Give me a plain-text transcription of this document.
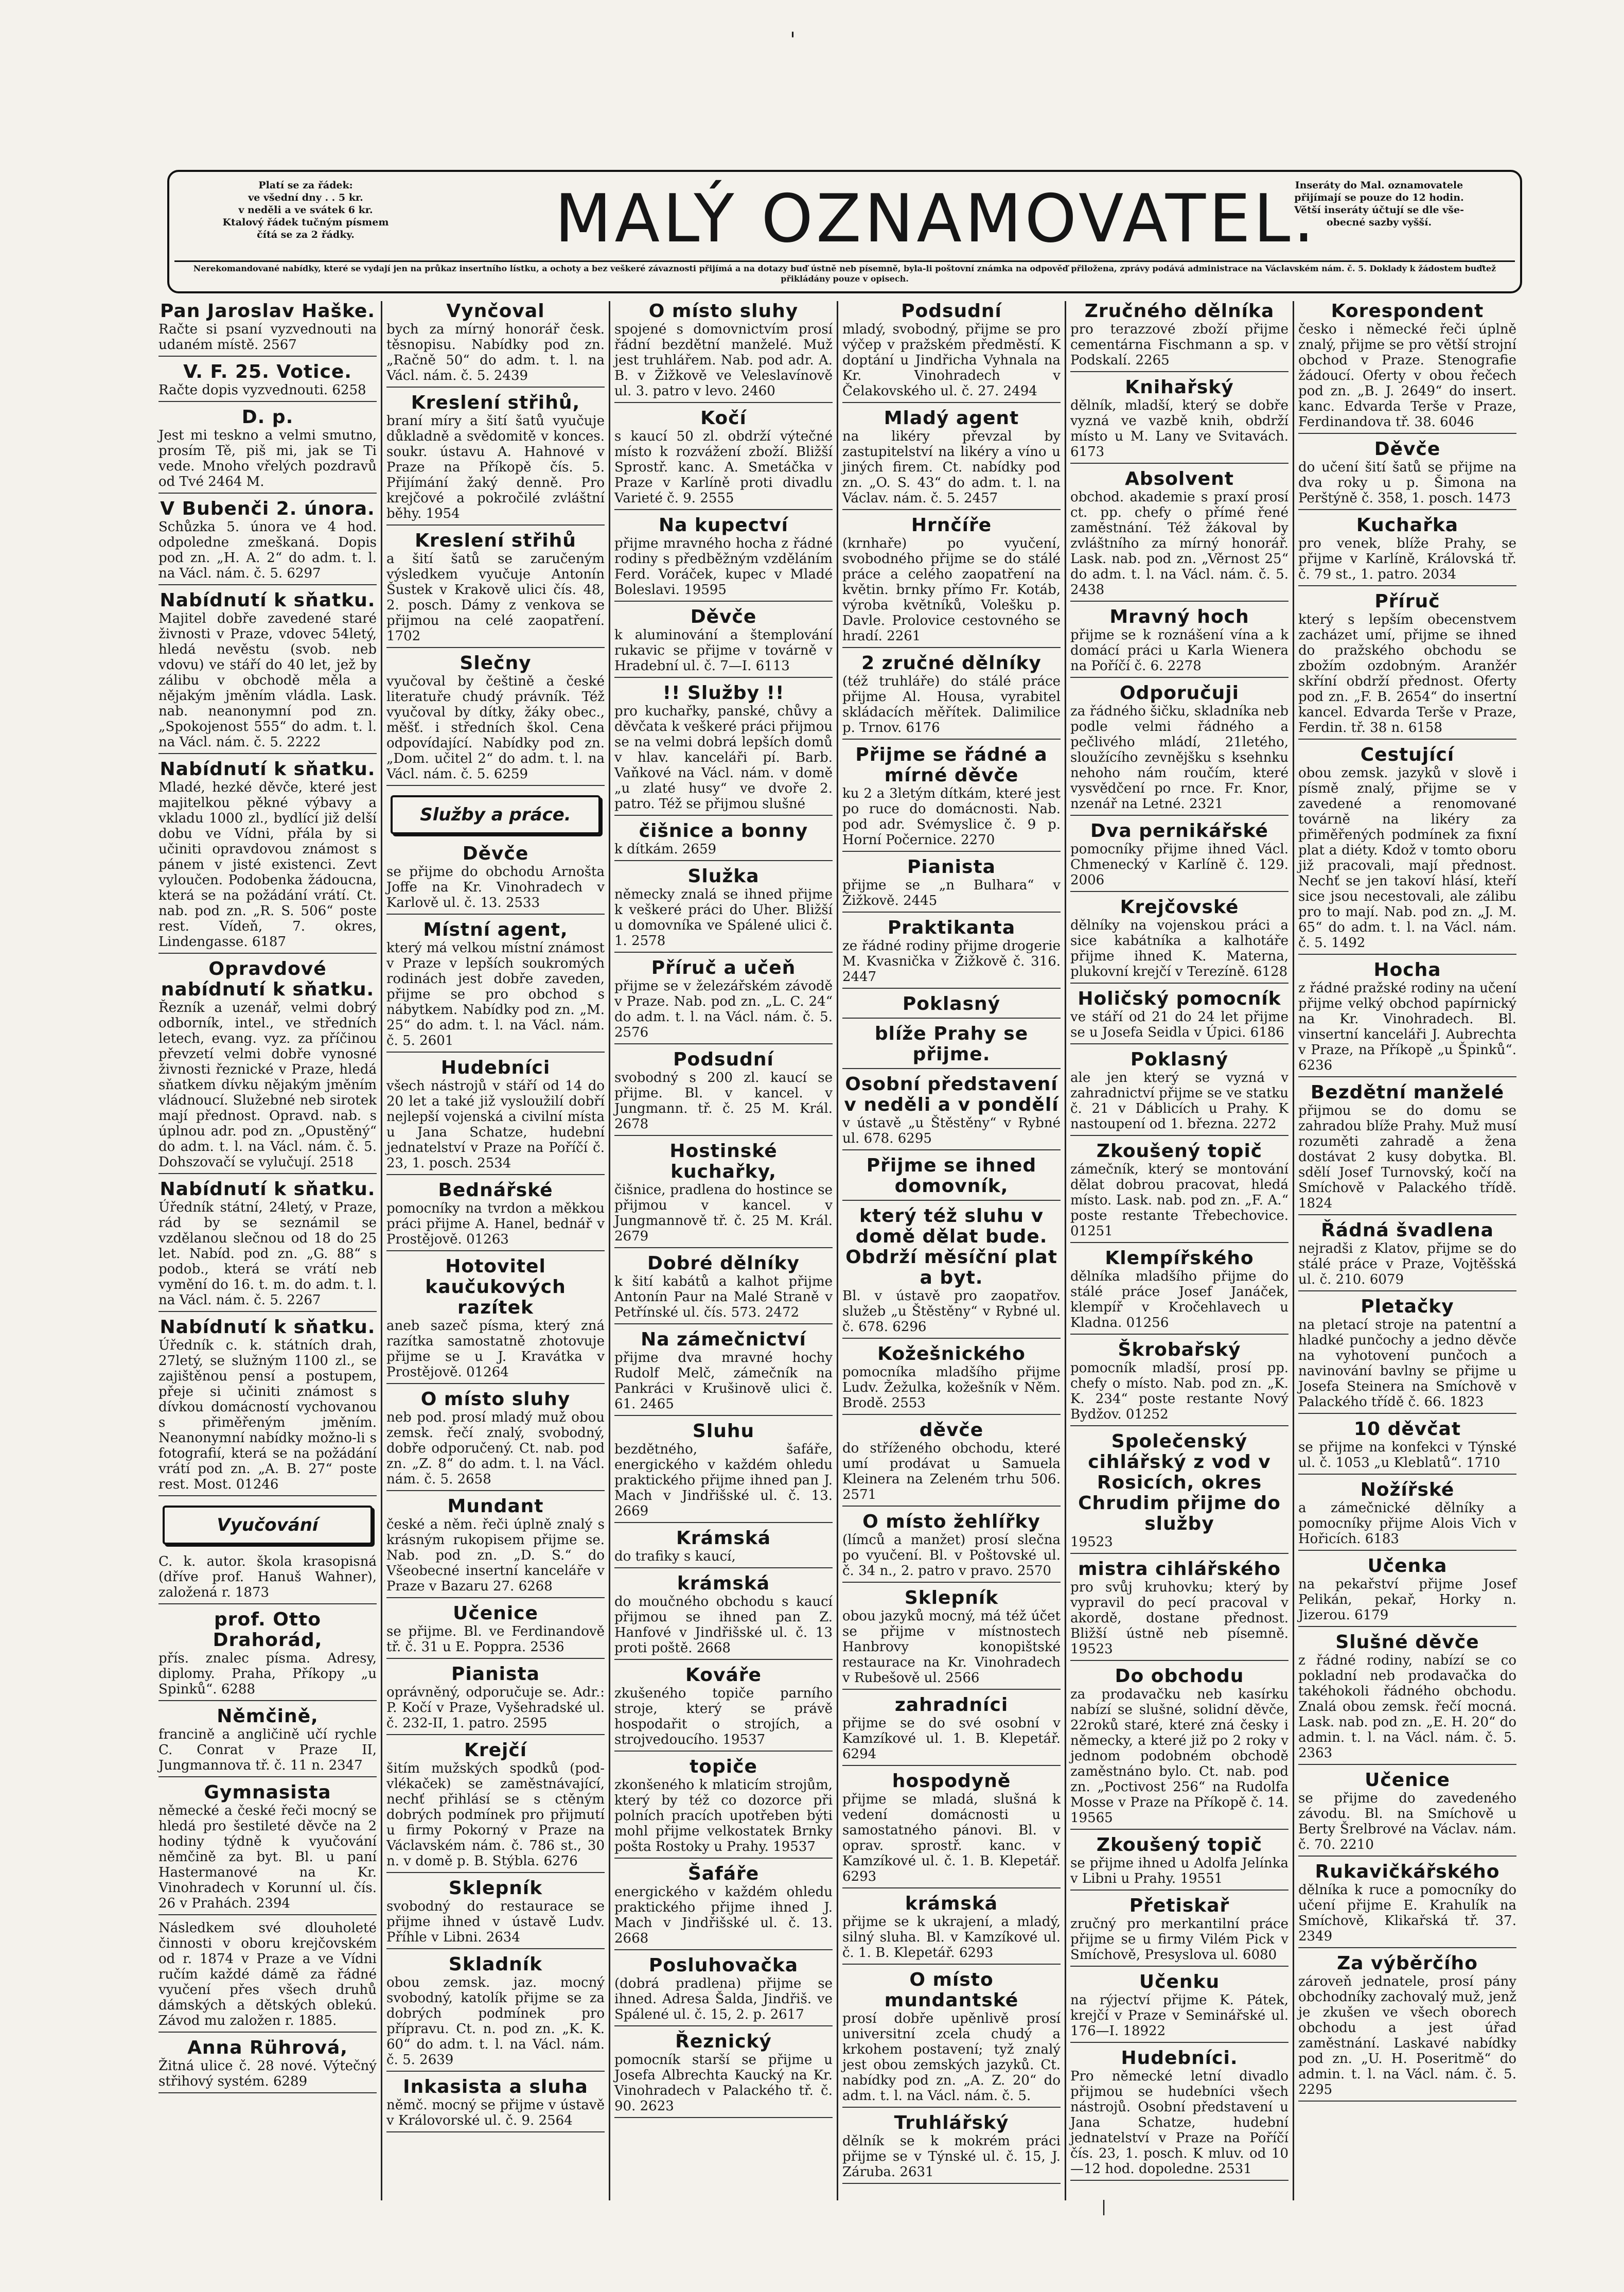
'
Platí se za řádek:
ve všední dny . . 5 kr.
v neděli a ve svátek 6 kr.
Ktalový řádek tučným písmem
čítá se za 2 řádky.	MALÝ OZNAMOVATEL.
Inseráty do Mal. oznamovatele
přijímají se pouze do 12 hodin.
Větší inseráty účtují se dle vše-
obecné sazby vyšší.
Nerekomandované nabídky, které se vydají jen na průkaz insertního lístku, a ochoty a bez veškeré závaznosti přijímá a na dotazy buď ústně neb písemně, byla-li poštovní známka na odpověď přiložena, zprávy podává administrace na Václavském nám. č. 5. Doklady k žádostem buďtež přikládány pouze v opisech.
Pan Jaroslav Haške.
Račte si psaní vyzvednouti na udaném místě. 2567
V. F. 25. Votice.
Račte dopis vyzvednouti. 6258
D. p.
Jest mi teskno a velmi smutno, prosím Tě, piš mi, jak se Ti vede. Mnoho vřelých pozdravů od Tvé 2464 M.
V Bubenči 2. února.
Schůzka 5. února ve 4 hod. odpoledne zmeškaná. Dopis pod zn. „H. A. 2“ do adm. t. l. na Václ. nám. č. 5. 6297
Nabídnutí k sňatku.
Majitel dobře zavedené staré živnosti v Praze, vdovec 54letý, hledá nevěstu (svob. neb vdovu) ve stáří do 40 let, jež by zálibu v obchodě měla a nějakým jměním vládla. Lask. nab. neanonymní pod zn. „Spokojenost 555“ do adm. t. l. na Václ. nám. č. 5. 2222
Nabídnutí k sňatku.
Mladé, hezké děvče, které jest majitelkou pěkné výbavy a vkladu 1000 zl., bydlící již delší dobu ve Vídni, přála by si učiniti opravdovou známost s pánem v jisté existenci. Zevt vyloučen. Podobenka žádoucna, která se na požádání vrátí. Ct. nab. pod zn. „R. S. 506“ poste rest. Vídeň, 7. okres, Lindengasse. 6187
Opravdové nabídnutí k sňatku.
Řezník a uzenář, velmi dobrý odborník, intel., ve středních letech, evang. vyz. za příčinou převzetí velmi dobře vynosné živnosti řeznické v Praze, hledá sňatkem dívku nějakým jměním vládnoucí. Služebné neb sirotek mají přednost. Opravd. nab. s úplnou adr. pod zn. „Opustěný“ do adm. t. l. na Václ. nám. č. 5. Dohszovačí se vylučují. 2518
Nabídnutí k sňatku.
Úředník státní, 24letý, v Praze, rád by se seznámil se vzdělanou slečnou od 18 do 25 let. Nabíd. pod zn. „G. 88“ s podob., která se vrátí neb vymění do 16. t. m. do adm. t. l. na Václ. nám. č. 5. 2267
Nabídnutí k sňatku.
Úředník c. k. státních drah, 27letý, se služným 1100 zl., se zajištěnou pensí a postupem, přeje si učiniti známost s dívkou domácností vychovanou s přiměřeným jměním. Neanonymní nabídky možno-li s fotografií, která se na požádání vrátí pod zn. „A. B. 27“ poste rest. Most. 01246
Vyučování
C. k. autor. škola krasopisná (dříve prof. Hanuš Wahner), založená r. 1873
prof. Otto Drahorád,
přís. znalec písma. Adresy, diplomy. Praha, Příkopy „u Spinků“. 6288
Němčině,
francině a angličině učí rychle C. Conrat v Praze II, Jungmannova tř. č. 11 n. 2347
Gymnasista
německé a české řeči mocný se hledá pro šestileté děvče na 2 hodiny týdně k vyučování němčině za byt. Bl. u paní Hastermanové na Kr. Vinohradech v Korunní ul. čís. 26 v Prahách. 2394
Následkem své dlouholeté činnosti v oboru krejčovském od r. 1874 v Praze a ve Vídni ručím každé dámě za řádné vyučení přes všech druhů dámských a dětských oblekú. Závod mu založen r. 1885.
Anna Rührová,
Žitná ulice č. 28 nové. Výtečný střihový systém. 6289
Vynčoval
bych za mírný honorář česk. těsnopisu. Nabídky pod zn. „Račně 50“ do adm. t. l. na Václ. nám. č. 5. 2439
Kreslení střihů,
braní míry a šití šatů vyučuje důkladně a svědomitě v konces. soukr. ústavu A. Hahnové v Praze na Příkopě čís. 5. Přijímání žaký denně. Pro krejčové a pokročilé zvláštní běhy. 1954
Kreslení střihů
a šití šatů se zaručeným výsledkem vyučuje Antonín Šustek v Krakově ulici čís. 48, 2. posch. Dámy z venkova se přijmou na celé zaopatření. 1702
Slečny
vyučoval by češtině a české literatuře chudý právník. Též vyučoval by dítky, žáky obec., měšť. i středních škol. Cena odpovídající. Nabídky pod zn. „Dom. učitel 2“ do adm. t. l. na Václ. nám. č. 5. 6259
Služby a práce.
Děvče
se přijme do obchodu Arnošta Joffe na Kr. Vinohradech v Karlově ul. č. 13. 2533
Místní agent,
který má velkou místní známost v Praze v lepších soukromých rodinách jest dobře zaveden, přijme se pro obchod s nábytkem. Nabídky pod zn. „M. 25“ do adm. t. l. na Václ. nám. č. 5. 2601
Hudebníci
všech nástrojů v stáří od 14 do 20 let a také již vysloužilí dobří nejlepší vojenská a civilní místa u Jana Schatze, hudební jednatelství v Praze na Poříčí č. 23, 1. posch. 2534
Bednářské
pomocníky na tvrdon a měkkou práci přijme A. Hanel, bednář v Prostějově. 01263
Hotovitel kaučukových razítek
aneb sazeč písma, který zná razítka samostatně zhotovuje přijme se u J. Kravátka v Prostějově. 01264
O místo sluhy
neb pod. prosí mladý muž obou zemsk. řečí znalý, svobodný, dobře odporučený. Ct. nab. pod zn. „Z. 8“ do adm. t. l. na Václ. nám. č. 5. 2658
Mundant
české a něm. řeči úplně znalý s krásným rukopisem přijme se. Nab. pod zn. „D. S.“ do Všeobecné insertní kanceláře v Praze v Bazaru 27. 6268
Učenice
se přijme. Bl. ve Ferdinandově tř. č. 31 u E. Poppra. 2536
Pianista
oprávněný, odporučuje se. Adr.: P. Kočí v Praze, Vyšehradské ul. č. 232-II, 1. patro. 2595
Krejčí
šitím mužských spodků (pod- vlékaček) se zaměstnávající, nechť přihlásí se s ctěným dobrých podmínek pro přijmutí u firmy Pokorný v Praze na Václavském nám. č. 786 st., 30 n. v domě p. B. Stýbla. 6276
Sklepník
svobodný do restaurace se přijme ihned v ústavě Ludv. Příhle v Libni. 2634
Skladník
obou zemsk. jaz. mocný svobodný, katolík přijme se za dobrých podmínek pro přípravu. Ct. n. pod zn. „K. K. 60“ do adm. t. l. na Václ. nám. č. 5. 2639
Inkasista a sluha
němč. mocný se přijme v ústavě v Královorské ul. č. 9. 2564
O místo sluhy
spojené s domovnictvím prosí řádní bezdětní manželé. Muž jest truhlářem. Nab. pod adr. A. B. v Žižkově ve Veleslavínově ul. 3. patro v levo. 2460
Kočí
s kaucí 50 zl. obdrží výtečné místo k rozvážení zboží. Bližší Sprostř. kanc. A. Smetáčka v Praze v Karlíně proti divadlu Varieté č. 9. 2555
Na kupectví
přijme mravného hocha z řádné rodiny s předběžným vzděláním Ferd. Voráček, kupec v Mladé Boleslavi. 19595
Děvče
k aluminování a štemplování rukavic se přijme v továrně v Hradební ul. č. 7—I. 6113
!! Služby !!
pro kuchařky, panské, chůvy a děvčata k veškeré práci přijmou se na velmi dobrá lepších domů v hlav. kanceláři pí. Barb. Vaňkové na Václ. nám. v domě „u zlaté husy“ ve dvoře 2. patro. Též se přijmou slušné
čišnice a bonny
k dítkám. 2659
Služka
německy znalá se ihned přijme k veškeré práci do Uher. Bližší u domovníka ve Spálené ulici č. 1. 2578
Příruč a učeň
přijme se v železářském závodě v Praze. Nab. pod zn. „L. C. 24“ do adm. t. l. na Václ. nám. č. 5. 2576
Podsudní
svobodný s 200 zl. kaucí se přijme. Bl. v kancel. v Jungmann. tř. č. 25 M. Král. 2678
Hostinské kuchařky,
čišnice, pradlena do hostince se přijmou v kancel. v Jungmannově tř. č. 25 M. Král. 2679
Dobré dělníky
k šití kabátů a kalhot přijme Antonín Paur na Malé Straně v Petřínské ul. čís. 573. 2472
Na zámečnictví
přijme dva mravné hochy Rudolf Melč, zámečník na Pankráci v Krušinově ulici č. 61. 2465
Sluhu
bezdětného, šafáře, energického v každém ohledu praktického přijme ihned pan J. Mach v Jindřišské ul. č. 13. 2669
Krámská
do trafiky s kaucí,
krámská
do moučného obchodu s kaucí přijmou se ihned pan Z. Hanfové v Jindřišské ul. č. 13 proti poště. 2668
Kováře
zkušeného topiče parního stroje, který se právě hospodařit o strojích, a strojvedoucího. 19537
topiče
zkonšeného k mlaticím strojům, který by též co dozorce při polních pracích upotřeben býti mohl přijme velkostatek Brnky pošta Rostoky u Prahy. 19537
Šafáře
energického v každém ohledu praktického přijme ihned J. Mach v Jindřišské ul. č. 13. 2668
Posluhovačka
(dobrá pradlena) přijme se ihned. Adresa Šalda, Jindřiš. ve Spálené ul. č. 15, 2. p. 2617
Řeznický
pomocník starší se přijme u Josefa Albrechta Kaucký na Kr. Vinohradech v Palackého tř. č. 90. 2623
Podsudní
mladý, svobodný, přijme se pro výčep v pražském předměstí. K doptání u Jindřicha Vyhnala na Kr. Vinohradech v Čelakovského ul. č. 27. 2494
Mladý agent
na likéry převzal by zastupitelství na likéry a víno u jiných firem. Ct. nabídky pod zn. „O. S. 43“ do adm. t. l. na Václav. nám. č. 5. 2457
Hrnčíře
(krnhaře) po vyučení, svobodného přijme se do stálé práce a celého zaopatření na květin. brnky přímo Fr. Kotáb, výroba květníků, Volešku p. Davle. Prolovice cestovného se hradí. 2261
2 zručné dělníky
(též truhláře) do stálé práce přijme Al. Housa, vyrabitel skládacích měřítek. Dalimilice p. Trnov. 6176
Přijme se řádné a mírné děvče
ku 2 a 3letým dítkám, které jest po ruce do domácnosti. Nab. pod adr. Svémyslice č. 9 p. Horní Počernice. 2270
Pianista
přijme se „n Bulhara“ v Žižkově. 2445
Praktikanta
ze řádné rodiny přijme drogerie M. Kvasnička v Žižkově č. 316. 2447
Poklasný
blíže Prahy se přijme.
Osobní představení v neděli a v pondělí
v ústavě „u Štěstěny“ v Rybné ul. 678. 6295
Přijme se ihned domovník,
který též sluhu v domě dělat bude. Obdrží měsíční plat a byt.
Bl. v ústavě pro zaopatřov. služeb „u Štěstěny“ v Rybné ul. č. 678. 6296
Kožešnického
pomocníka mladšího přijme Ludv. Žežulka, kožešník v Něm. Brodě. 2553
děvče
do stříženého obchodu, které umí prodávat u Samuela Kleinera na Zeleném trhu 506. 2571
O místo žehlířky
(límců a manžet) prosí slečna po vyučení. Bl. v Poštovské ul. č. 34 n., 2. patro v pravo. 2570
Sklepník
obou jazyků mocný, má též účet se přijme v místnostech Hanbrovy konopištské restaurace na Kr. Vinohradech v Rubešově ul. 2566
zahradníci
přijme se do své osobní v Kamzíkové ul. 1. B. Klepetář. 6294
hospodyně
přijme se mladá, slušná k vedení domácnosti u samostatného pánovi. Bl. v oprav. sprostř. kanc. v Kamzíkové ul. č. 1. B. Klepetář. 6293
krámská
přijme se k ukrajení, a mladý, silný sluha. Bl. v Kamzíkové ul. č. 1. B. Klepetář. 6293
O místo mundantské
prosí dobře upěnlivě prosí universitní zcela chudý a krkohem postavení; tyž znalý jest obou zemských jazyků. Ct. nabídky pod zn. „A. Z. 20“ do adm. t. l. na Václ. nám. č. 5.
Truhlářský
dělník se k mokrém práci přijme se v Týnské ul. č. 15, J. Záruba. 2631
Zručného dělníka
pro terazzové zboží přijme cementárna Fischmann a sp. v Podskalí. 2265
Knihařský
dělník, mladší, který se dobře vyzná ve vazbě knih, obdrží místo u M. Lany ve Svitavách. 6173
Absolvent
obchod. akademie s praxí prosí ct. pp. chefy o přímé řené zaměstnání. Též žákoval by zvláštního za mírný honorář. Lask. nab. pod zn. „Věrnost 25“ do adm. t. l. na Václ. nám. č. 5. 2438
Mravný hoch
přijme se k roznášení vína a k domácí práci u Karla Wienera na Poříčí č. 6. 2278
Odporučuji
za řádného šičku, skladníka neb podle velmi řádného a pečlivého mládí, 21letého, sloužícího zevnějšku s ksehnku nehoho nám roučím, které vysvědčení po rnce. Fr. Knor, nzenář na Letné. 2321
Dva pernikářské
pomocníky přijme ihned Václ. Chmenecký v Karlíně č. 129. 2006
Krejčovské
dělníky na vojenskou práci a sice kabátníka a kalhotáře přijme ihned K. Materna, plukovní krejčí v Terezíně. 6128
Holičský pomocník
ve stáří od 21 do 24 let přijme se u Josefa Seidla v Úpici. 6186
Poklasný
ale jen který se vyzná v zahradnictví přijme se ve statku č. 21 v Dáblicích u Prahy. K nastoupení od 1. března. 2272
Zkoušený topič
zámečník, který se montování dělat dobrou pracovat, hledá místo. Lask. nab. pod zn. „F. A.“ poste restante Třebechovice. 01251
Klempířského
dělníka mladšího přijme do stálé práce Josef Janáček, klempíř v Kročehlavech u Kladna. 01256
Škrobařský
pomocník mladší, prosí pp. chefy o místo. Nab. pod zn. „K. K. 234“ poste restante Nový Bydžov. 01252
Společenský cihlářský z vod v Rosicích, okres Chrudim přijme do služby
19523
mistra cihlářského
pro svůj kruhovku; který by vypravil do pecí pracoval v akordě, dostane přednost. Bližší ústně neb písemně. 19523
Do obchodu
za prodavačku neb kasírku nabízí se slušné, solidní děvče, 22roků staré, které zná česky i německy, a které již po 2 roky v jednom podobném obchodě zaměstnáno bylo. Ct. nab. pod zn. „Poctivost 256“ na Rudolfa Mosse v Praze na Příkopě č. 14. 19565
Zkoušený topič
se přijme ihned u Adolfa Jelínka v Libni u Prahy. 19551
Přetiskař
zručný pro merkantilní práce přijme se u firmy Vilém Pick v Smíchově, Presyslova ul. 6080
Učenku
na rýjectví přijme K. Pátek, krejčí v Praze v Seminářské ul. 176—I. 18922
Hudebníci.
Pro německé letní divadlo přijmou se hudebníci všech nástrojů. Osobní představení u Jana Schatze, hudební jednatelství v Praze na Poříčí čís. 23, 1. posch. K mluv. od 10—12 hod. dopoledne. 2531
Korespondent
česko i německé řeči úplně znalý, přijme se pro větší strojní obchod v Praze. Stenografie žádoucí. Oferty v obou řečech pod zn. „B. J. 2649“ do insert. kanc. Edvarda Terše v Praze, Ferdinandova tř. 38. 6046
Děvče
do učení šití šatů se přijme na dva roky u p. Šimona na Perštýně č. 358, 1. posch. 1473
Kuchařka
pro venek, blíže Prahy, se přijme v Karlíně, Královská tř. č. 79 st., 1. patro. 2034
Příruč
který s lepším obecenstvem zacházet umí, přijme se ihned do pražského obchodu se zbožím ozdobným. Aranžér skříní obdrží přednost. Oferty pod zn. „F. B. 2654“ do insertní kancel. Edvarda Terše v Praze, Ferdin. tř. 38 n. 6158
Cestující
obou zemsk. jazyků v slově i písmě znalý, přijme se v zavedené a renomované továrně na likéry za přiměřených podmínek za fixní plat a diéty. Kdož v tomto oboru již pracovali, mají přednost. Nechť se jen takoví hlásí, kteří sice jsou necestovali, ale zálibu pro to mají. Nab. pod zn. „J. M. 65“ do adm. t. l. na Václ. nám. č. 5. 1492
Hocha
z řádné pražské rodiny na učení přijme velký obchod papírnický na Kr. Vinohradech. Bl. vinsertní kanceláři J. Aubrechta v Praze, na Příkopě „u Špinků“. 6236
Bezdětní manželé
přijmou se do domu se zahradou blíže Prahy. Muž musí rozuměti zahradě a žena dostávat 2 kusy dobytka. Bl. sdělí Josef Turnovský, kočí na Smíchově v Palackého třídě. 1824
Řádná švadlena
nejradši z Klatov, přijme se do stálé práce v Praze, Vojtěšská ul. č. 210. 6079
Pletačky
na pletací stroje na patentní a hladké punčochy a jedno děvče na vyhotovení punčoch a navinování bavlny se přijme u Josefa Steinera na Smíchově v Palackého třídě č. 66. 1823
10 děvčat
se přijme na konfekci v Týnské ul. č. 1053 „u Kleblatů“. 1710
Nožířské
a zámečnické dělníky a pomocníky přijme Alois Vich v Hořicích. 6183
Učenka
na pekařství přijme Josef Pelikán, pekař, Horky n. Jizerou. 6179
Slušné děvče
z řádné rodiny, nabízí se co pokladní neb prodavačka do takéhokoli řádného obchodu. Znalá obou zemsk. řečí mocná. Lask. nab. pod zn. „E. H. 20“ do admin. t. l. na Václ. nám. č. 5. 2363
Učenice
se přijme do zavedeného závodu. Bl. na Smíchově u Berty Šrelbrové na Václav. nám. č. 70. 2210
Rukavičkářského
dělníka k ruce a pomocníky do učení přijme E. Krahulík na Smíchově, Klikařská tř. 37. 2349
Za výběrčího
zároveň jednatele, prosí pány obchodníky zachovalý muž, jenž je zkušen ve všech oborech obchodu a jest úřad zaměstnání. Laskavé nabídky pod zn. „U. H. Poseritmě“ do admin. t. l. na Václ. nám. č. 5. 2295
|
